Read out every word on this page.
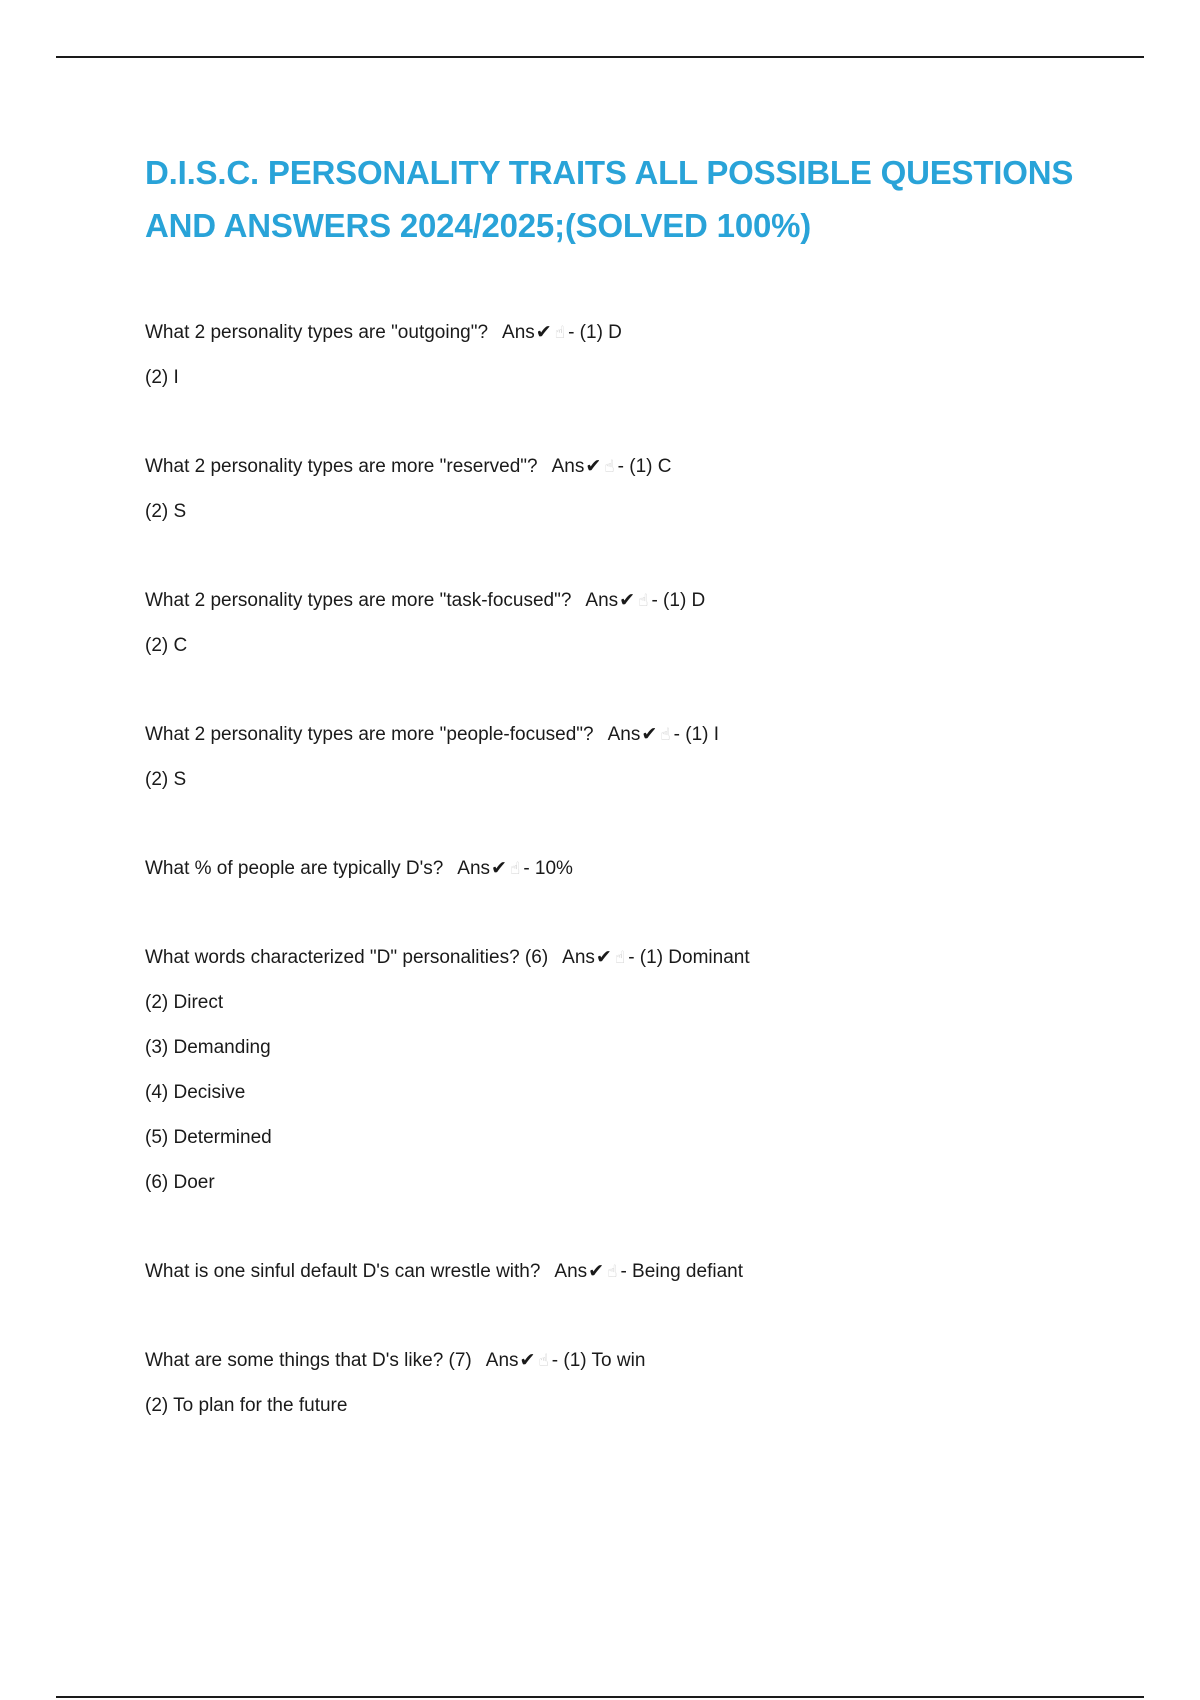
D.I.S.C. PERSONALITY TRAITS ALL POSSIBLE QUESTIONS AND ANSWERS 2024/2025;(SOLVED 100%)
What 2 personality types are "outgoing"? Ans✔ ☝ - (1) D
(2) I
What 2 personality types are more "reserved"? Ans✔ ☝ - (1) C
(2) S
What 2 personality types are more "task-focused"? Ans✔ ☝ - (1) D
(2) C
What 2 personality types are more "people-focused"? Ans✔ ☝ - (1) I
(2) S
What % of people are typically D's? Ans✔ ☝ - 10%
What words characterized "D" personalities? (6) Ans✔ ☝ - (1) Dominant
(2) Direct
(3) Demanding
(4) Decisive
(5) Determined
(6) Doer
What is one sinful default D's can wrestle with? Ans✔ ☝ - Being defiant
What are some things that D's like? (7) Ans✔ ☝ - (1) To win
(2) To plan for the future
